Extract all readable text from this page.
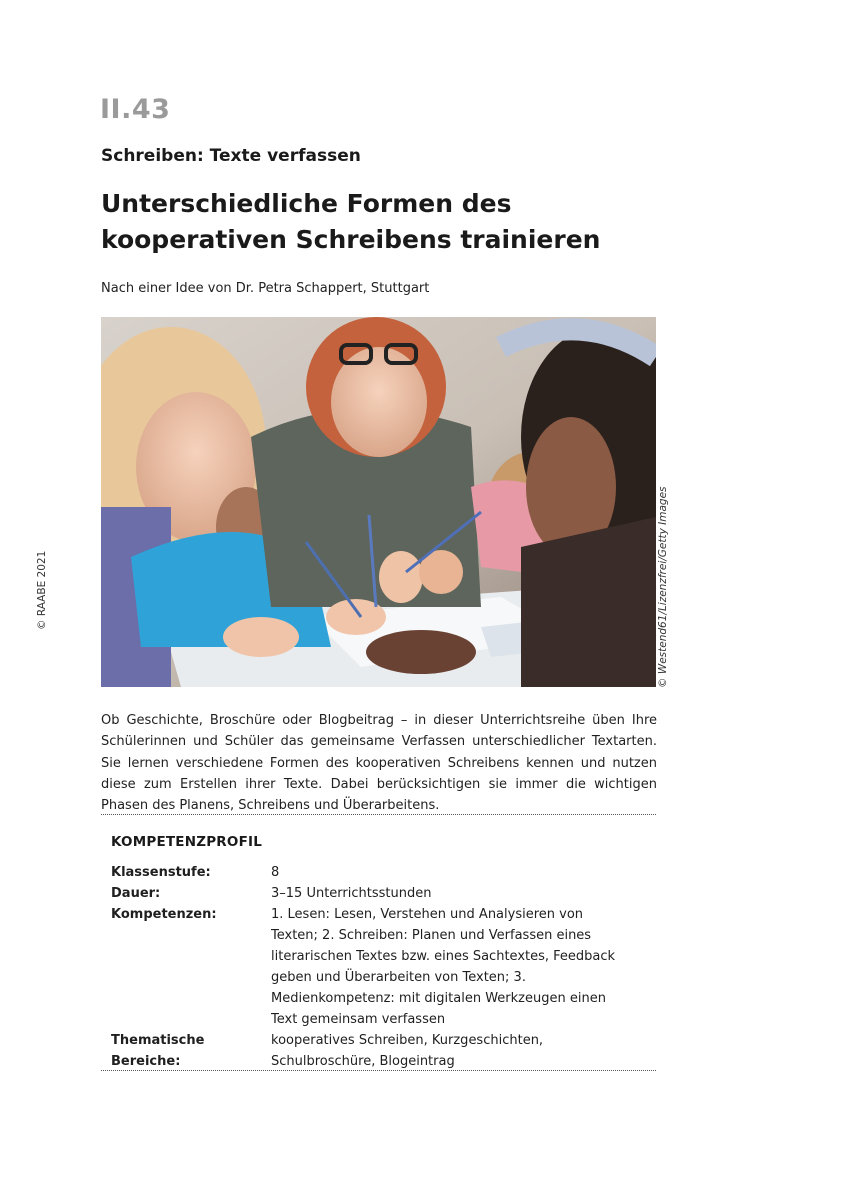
II.43
Schreiben: Texte verfassen
Unterschiedliche Formen des kooperativen Schreibens trainieren
Nach einer Idee von Dr. Petra Schappert, Stuttgart
© Westend61/Lizenzfrei/Getty Images
© RAABE 2021

Ob Geschichte, Broschüre oder Blogbeitrag – in dieser Unterrichtsreihe üben Ihre Schülerinnen und Schüler das gemeinsame Verfassen unterschiedlicher Textarten. Sie lernen verschiedene Formen des kooperativen Schreibens kennen und nutzen diese zum Erstellen ihrer Texte. Dabei berücksichtigen sie immer die wichtigen Phasen des Planens, Schreibens und Überarbeitens.

KOMPETENZPROFIL
Klassenstufe:	8
Dauer:	3–15 Unterrichtsstunden
Kompetenzen:	1. Lesen: Lesen, Verstehen und Analysieren von Texten; 2. Schreiben: Planen und Verfassen eines literarischen Textes bzw. eines Sachtextes, Feedback geben und Überarbeiten von Texten; 3. Medienkompetenz: mit digitalen Werkzeugen einen Text gemeinsam verfassen
Thematische Bereiche:
kooperatives Schreiben, Kurzgeschichten, Schulbroschüre, Blogeintrag
